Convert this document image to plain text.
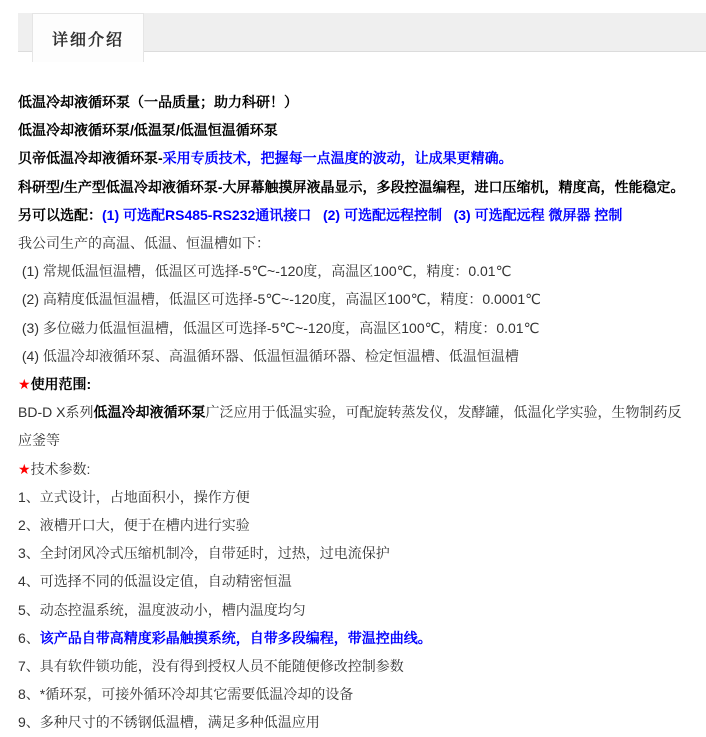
详细介绍

低温冷却液循环泵（一品质量；助力科研！）

低温冷却液循环泵/低温泵/低温恒温循环泵

贝帝低温冷却液循环泵-采用专质技术，把握每一点温度的波动，让成果更精确。

科研型/生产型低温冷却液循环泵-大屏幕触摸屏液晶显示，多段控温编程，进口压缩机，精度高，性能稳定。

另可以选配：(1) 可选配RS485-RS232通讯接口   (2) 可选配远程控制   (3) 可选配远程 微屏器 控制

我公司生产的高温、低温、恒温槽如下：

(1) 常规低温恒温槽，低温区可选择-5℃~-120度，高温区100℃，精度：0.01℃

(2) 高精度低温恒温槽，低温区可选择-5℃~-120度，高温区100℃，精度：0.0001℃

(3) 多位磁力低温恒温槽，低温区可选择-5℃~-120度，高温区100℃，精度：0.01℃

(4) 低温冷却液循环泵、高温循环器、低温恒温循环器、检定恒温槽、低温恒温槽

★使用范围:

BD-D X系列低温冷却液循环泵广泛应用于低温实验，可配旋转蒸发仪，发酵罐，低温化学实验，生物制药反应釜等

★技术参数:

1、立式设计，占地面积小，操作方便

2、液槽开口大，便于在槽内进行实验

3、全封闭风冷式压缩机制冷，自带延时，过热，过电流保护

4、可选择不同的低温设定值，自动精密恒温

5、动态控温系统，温度波动小，槽内温度均匀

6、该产品自带高精度彩晶触摸系统，自带多段编程，带温控曲线。

7、具有软件锁功能，没有得到授权人员不能随便修改控制参数

8、*循环泵，可接外循环冷却其它需要低温冷却的设备

9、多种尺寸的不锈钢低温槽，满足多种低温应用
